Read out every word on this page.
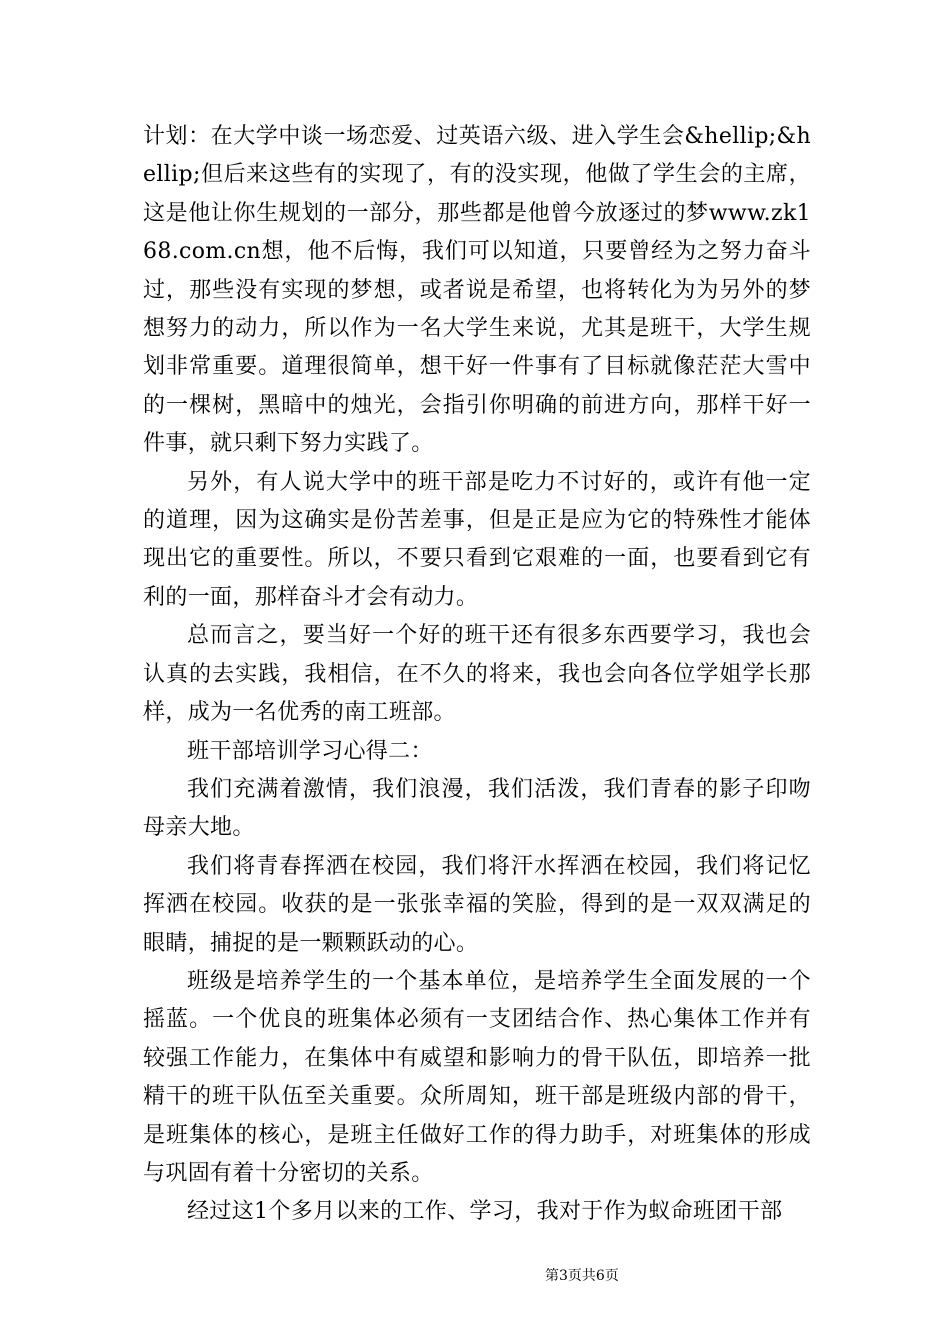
计划：在大学中谈一场恋爱、过英语六级、进入学生会&hellip;&hellip;但后来这些有的实现了，有的没实现，他做了学生会的主席，这是他让你生规划的一部分，那些都是他曾今放逐过的梦www.zk168.com.cn想，他不后悔，我们可以知道，只要曾经为之努力奋斗过，那些没有实现的梦想，或者说是希望，也将转化为为另外的梦想努力的动力，所以作为一名大学生来说，尤其是班干，大学生规划非常重要。道理很简单，想干好一件事有了目标就像茫茫大雪中的一棵树，黑暗中的烛光，会指引你明确的前进方向，那样干好一件事，就只剩下努力实践了。

另外，有人说大学中的班干部是吃力不讨好的，或许有他一定的道理，因为这确实是份苦差事，但是正是应为它的特殊性才能体现出它的重要性。所以，不要只看到它艰难的一面，也要看到它有利的一面，那样奋斗才会有动力。

总而言之，要当好一个好的班干还有很多东西要学习，我也会认真的去实践，我相信，在不久的将来，我也会向各位学姐学长那样，成为一名优秀的南工班部。

班干部培训学习心得二：

我们充满着激情，我们浪漫，我们活泼，我们青春的影子印吻母亲大地。

我们将青春挥洒在校园，我们将汗水挥洒在校园，我们将记忆挥洒在校园。收获的是一张张幸福的笑脸，得到的是一双双满足的眼睛，捕捉的是一颗颗跃动的心。

班级是培养学生的一个基本单位，是培养学生全面发展的一个摇蓝。一个优良的班集体必须有一支团结合作、热心集体工作并有较强工作能力，在集体中有威望和影响力的骨干队伍，即培养一批精干的班干队伍至关重要。众所周知，班干部是班级内部的骨干，是班集体的核心，是班主任做好工作的得力助手，对班集体的形成与巩固有着十分密切的关系。

经过这1个多月以来的工作、学习，我对于作为蚁命班团干部

第3页共6页
